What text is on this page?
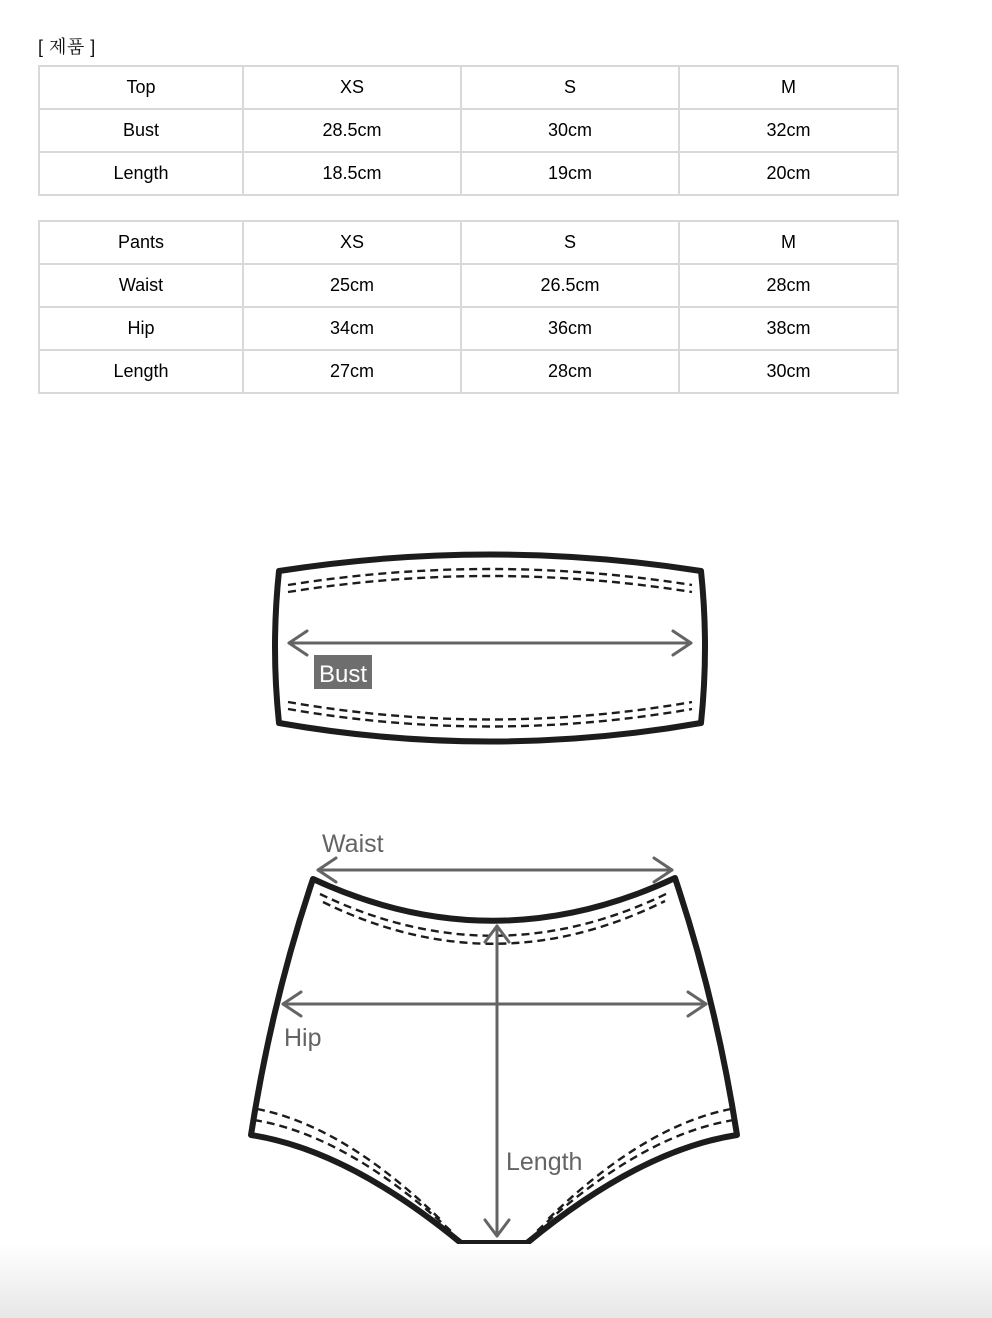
[ 제품 ]
Top	XS	S	M
Bust	28.5cm	30cm	32cm
Length	18.5cm	19cm	20cm
Pants	XS	S	M
Waist	25cm	26.5cm	28cm
Hip	34cm	36cm	38cm
Length	27cm	28cm	30cm
Bust
Waist
Hip
Length
